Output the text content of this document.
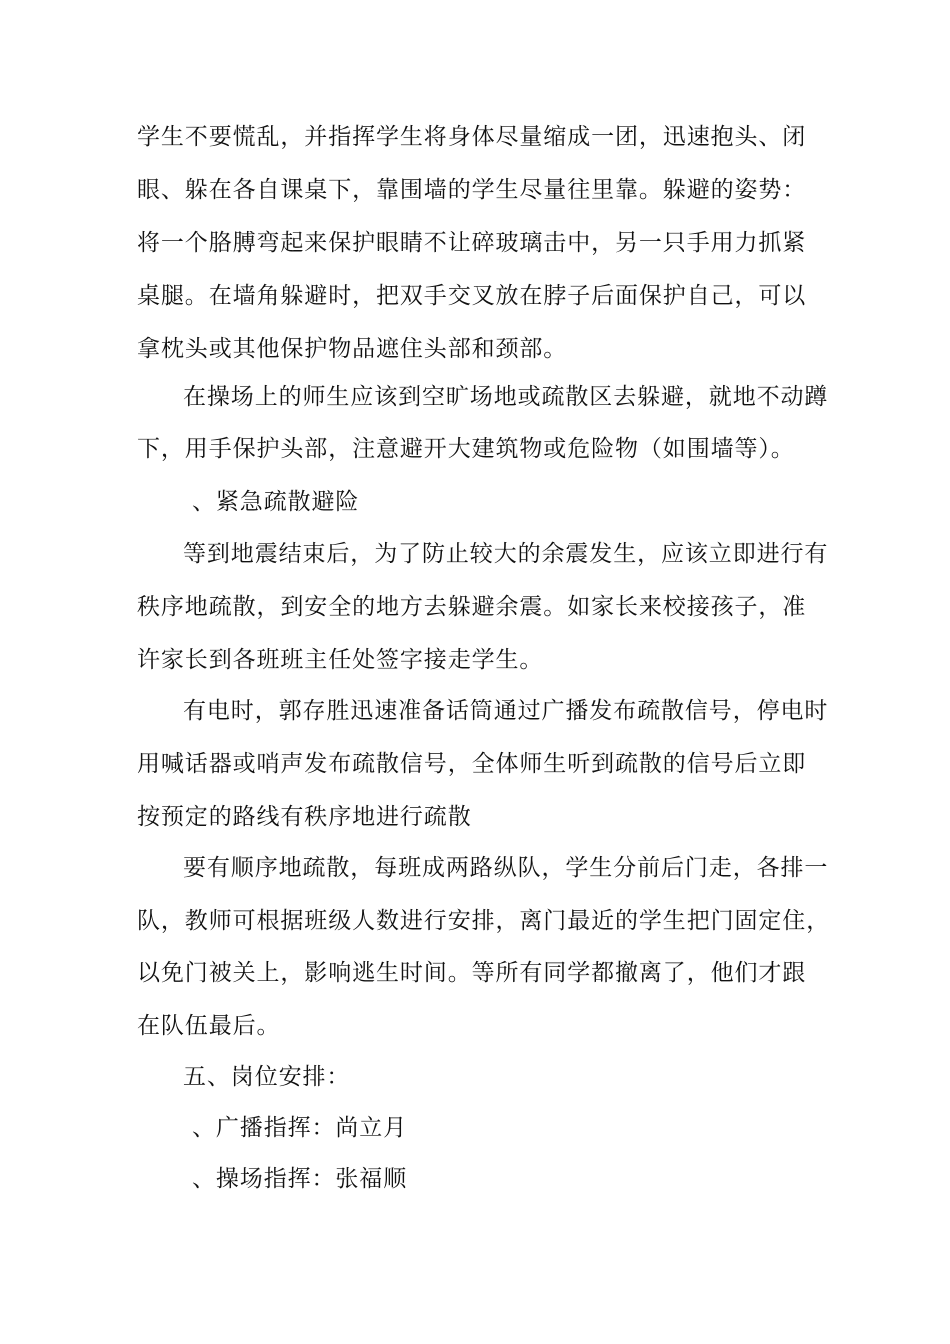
学生不要慌乱，并指挥学生将身体尽量缩成一团，迅速抱头、闭
眼、躲在各自课桌下，靠围墙的学生尽量往里靠。躲避的姿势：
将一个胳膊弯起来保护眼睛不让碎玻璃击中，另一只手用力抓紧
桌腿。在墙角躲避时，把双手交叉放在脖子后面保护自己，可以
拿枕头或其他保护物品遮住头部和颈部。
在操场上的师生应该到空旷场地或疏散区去躲避，就地不动蹲
下，用手保护头部，注意避开大建筑物或危险物（如围墙等）。
、紧急疏散避险
等到地震结束后，为了防止较大的余震发生，应该立即进行有
秩序地疏散，到安全的地方去躲避余震。如家长来校接孩子，准
许家长到各班班主任处签字接走学生。
有电时，郭存胜迅速准备话筒通过广播发布疏散信号，停电时
用喊话器或哨声发布疏散信号，全体师生听到疏散的信号后立即
按预定的路线有秩序地进行疏散
要有顺序地疏散，每班成两路纵队，学生分前后门走，各排一
队，教师可根据班级人数进行安排，离门最近的学生把门固定住，
以免门被关上，影响逃生时间。等所有同学都撤离了，他们才跟
在队伍最后。
五、岗位安排：
、广播指挥：尚立月
、操场指挥：张福顺
